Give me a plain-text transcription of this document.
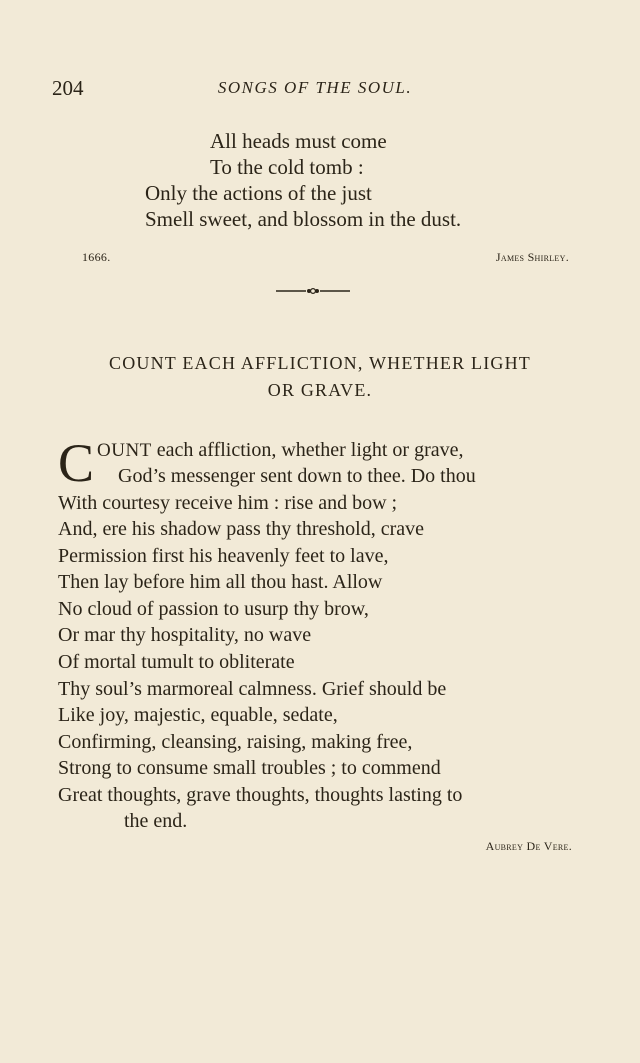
204	SONGS OF THE SOUL.
All heads must come
To the cold tomb :
Only the actions of the just
Smell sweet, and blossom in the dust.
1666.	James Shirley.
COUNT EACH AFFLICTION, WHETHER LIGHT
OR GRAVE.
C OUNT each affliction, whether light or grave,
God’s messenger sent down to thee. Do thou
With courtesy receive him : rise and bow ;
And, ere his shadow pass thy threshold, crave
Permission first his heavenly feet to lave,
Then lay before him all thou hast. Allow
No cloud of passion to usurp thy brow,
Or mar thy hospitality, no wave
Of mortal tumult to obliterate
Thy soul’s marmoreal calmness. Grief should be
Like joy, majestic, equable, sedate,
Confirming, cleansing, raising, making free,
Strong to consume small troubles ; to commend
Great thoughts, grave thoughts, thoughts lasting to
the end.
Aubrey De Vere.
